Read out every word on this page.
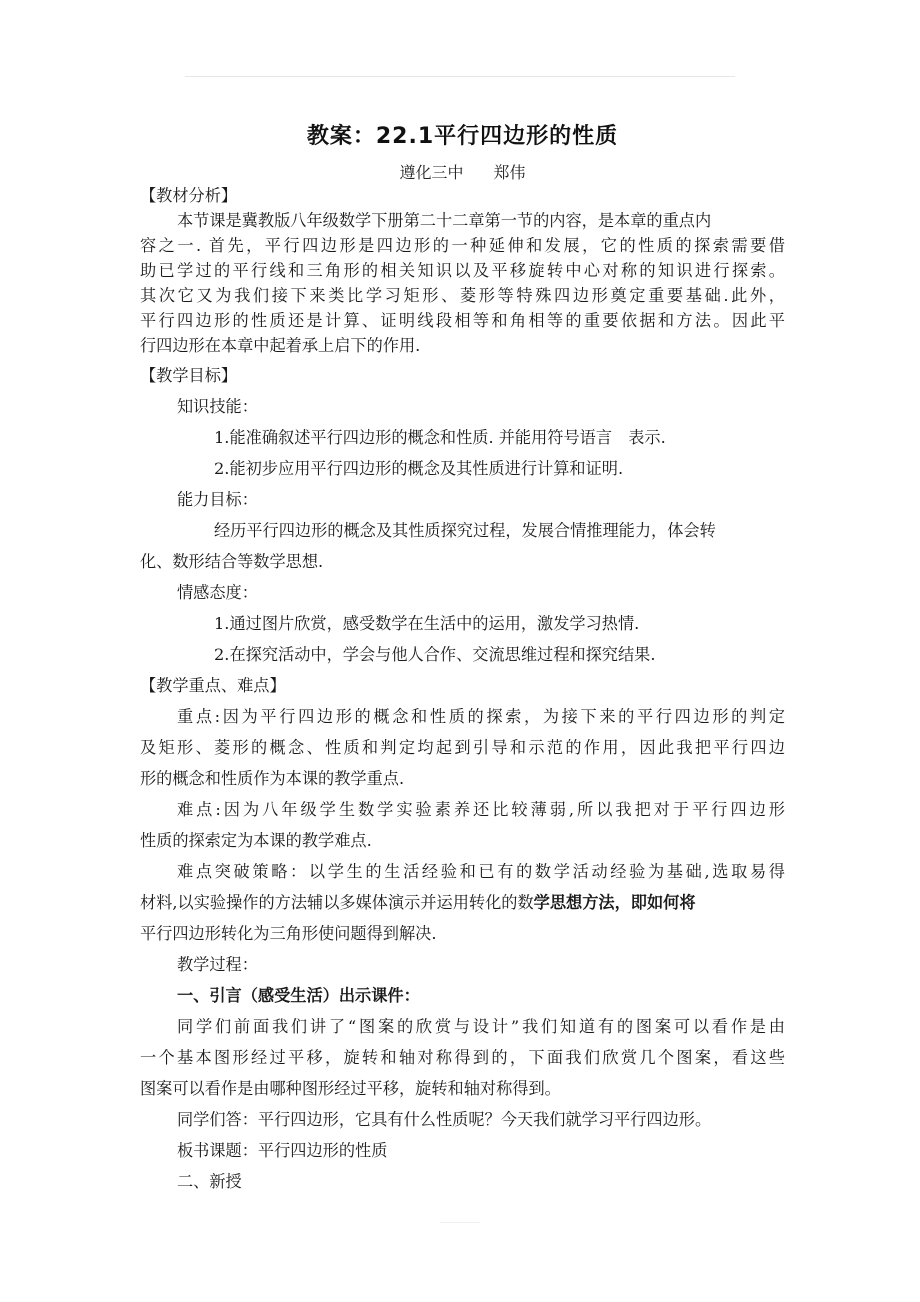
教案：22.1平行四边形的性质
遵化三中 郑伟
【教材分析】
本节课是冀教版八年级数学下册第二十二章第一节的内容，是本章的重点内
容之一. 首先，平行四边形是四边形的一种延伸和发展，它的性质的探索需要借
助已学过的平行线和三角形的相关知识以及平移旋转中心对称的知识进行探索。
其次它又为我们接下来类比学习矩形、菱形等特殊四边形奠定重要基础.此外，
平行四边形的性质还是计算、证明线段相等和角相等的重要依据和方法。因此平
行四边形在本章中起着承上启下的作用.
【教学目标】
知识技能：
1.能准确叙述平行四边形的概念和性质. 并能用符号语言　表示.
2.能初步应用平行四边形的概念及其性质进行计算和证明.
能力目标：
经历平行四边形的概念及其性质探究过程，发展合情推理能力，体会转
化、数形结合等数学思想.
情感态度：
1.通过图片欣赏，感受数学在生活中的运用，激发学习热情.
2.在探究活动中，学会与他人合作、交流思维过程和探究结果.
【教学重点、难点】
重点:因为平行四边形的概念和性质的探索，为接下来的平行四边形的判定
及矩形、菱形的概念、性质和判定均起到引导和示范的作用，因此我把平行四边
形的概念和性质作为本课的教学重点.
难点:因为八年级学生数学实验素养还比较薄弱,所以我把对于平行四边形
性质的探索定为本课的教学难点.
难点突破策略：以学生的生活经验和已有的数学活动经验为基础,选取易得
材料,以实验操作的方法辅以多媒体演示并运用转化的数学思想方法，即如何将
平行四边形转化为三角形使问题得到解决.
教学过程：
一、引言（感受生活）出示课件：
同学们前面我们讲了“图案的欣赏与设计”我们知道有的图案可以看作是由
一个基本图形经过平移，旋转和轴对称得到的，下面我们欣赏几个图案，看这些
图案可以看作是由哪种图形经过平移，旋转和轴对称得到。
同学们答：平行四边形，它具有什么性质呢？今天我们就学习平行四边形。
板书课题：平行四边形的性质
二、新授
